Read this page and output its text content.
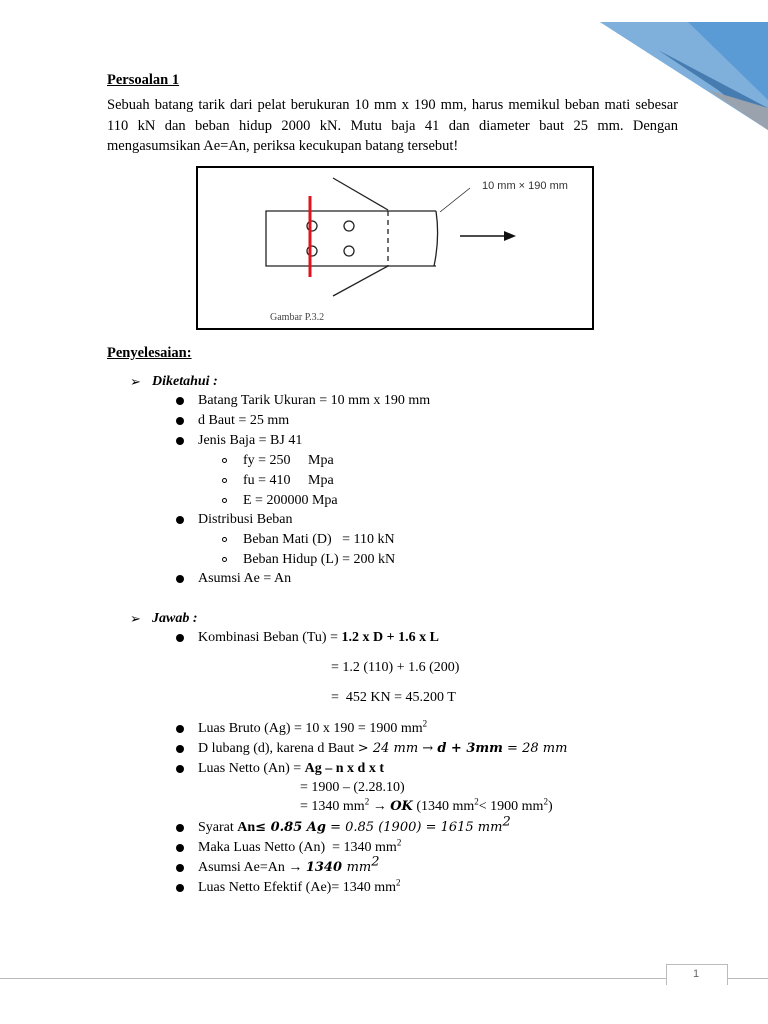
Persoalan 1
Sebuah batang tarik dari pelat berukuran 10 mm x 190 mm, harus memikul beban mati sebesar 110 kN dan beban hidup 2000 kN. Mutu baja 41 dan diameter baut 25 mm. Dengan mengasumsikan Ae=An, periksa kecukupan batang tersebut!
10 mm × 190 mm
Gambar P.3.2
Penyelesaian:
➢ Diketahui :
Batang Tarik Ukuran = 10 mm x 190 mm
d Baut = 25 mm
Jenis Baja = BJ 41
fy = 250     Mpa
fu = 410     Mpa
E = 200000 Mpa
Distribusi Beban
Beban Mati (D)   = 110 kN
Beban Hidup (L) = 200 kN
Asumsi Ae = An
➢ Jawab :
Kombinasi Beban (Tu) = 1.2 x D + 1.6 x L
= 1.2 (110) + 1.6 (200)
=  452 KN = 45.200 T
Luas Bruto (Ag) = 10 x 190 = 1900 $mm^2$
D lubang (d), karena d Baut > 24 mm → d + 3mm = 28 mm
Luas Netto (An) = Ag – n x d x t
= 1900 – (2.28.10)
= 1340 $mm^2$ → OK (1340 $mm^2< 1900$ $mm^2$)
Syarat An≤ 0.85 Ag = 0.85 (1900) = 1615 $mm^2$
Maka Luas Netto (An)  = 1340 $mm^2$
Asumsi Ae=An → 1340 $mm^2$
Luas Netto Efektif (Ae)= 1340 $mm^2$
1
